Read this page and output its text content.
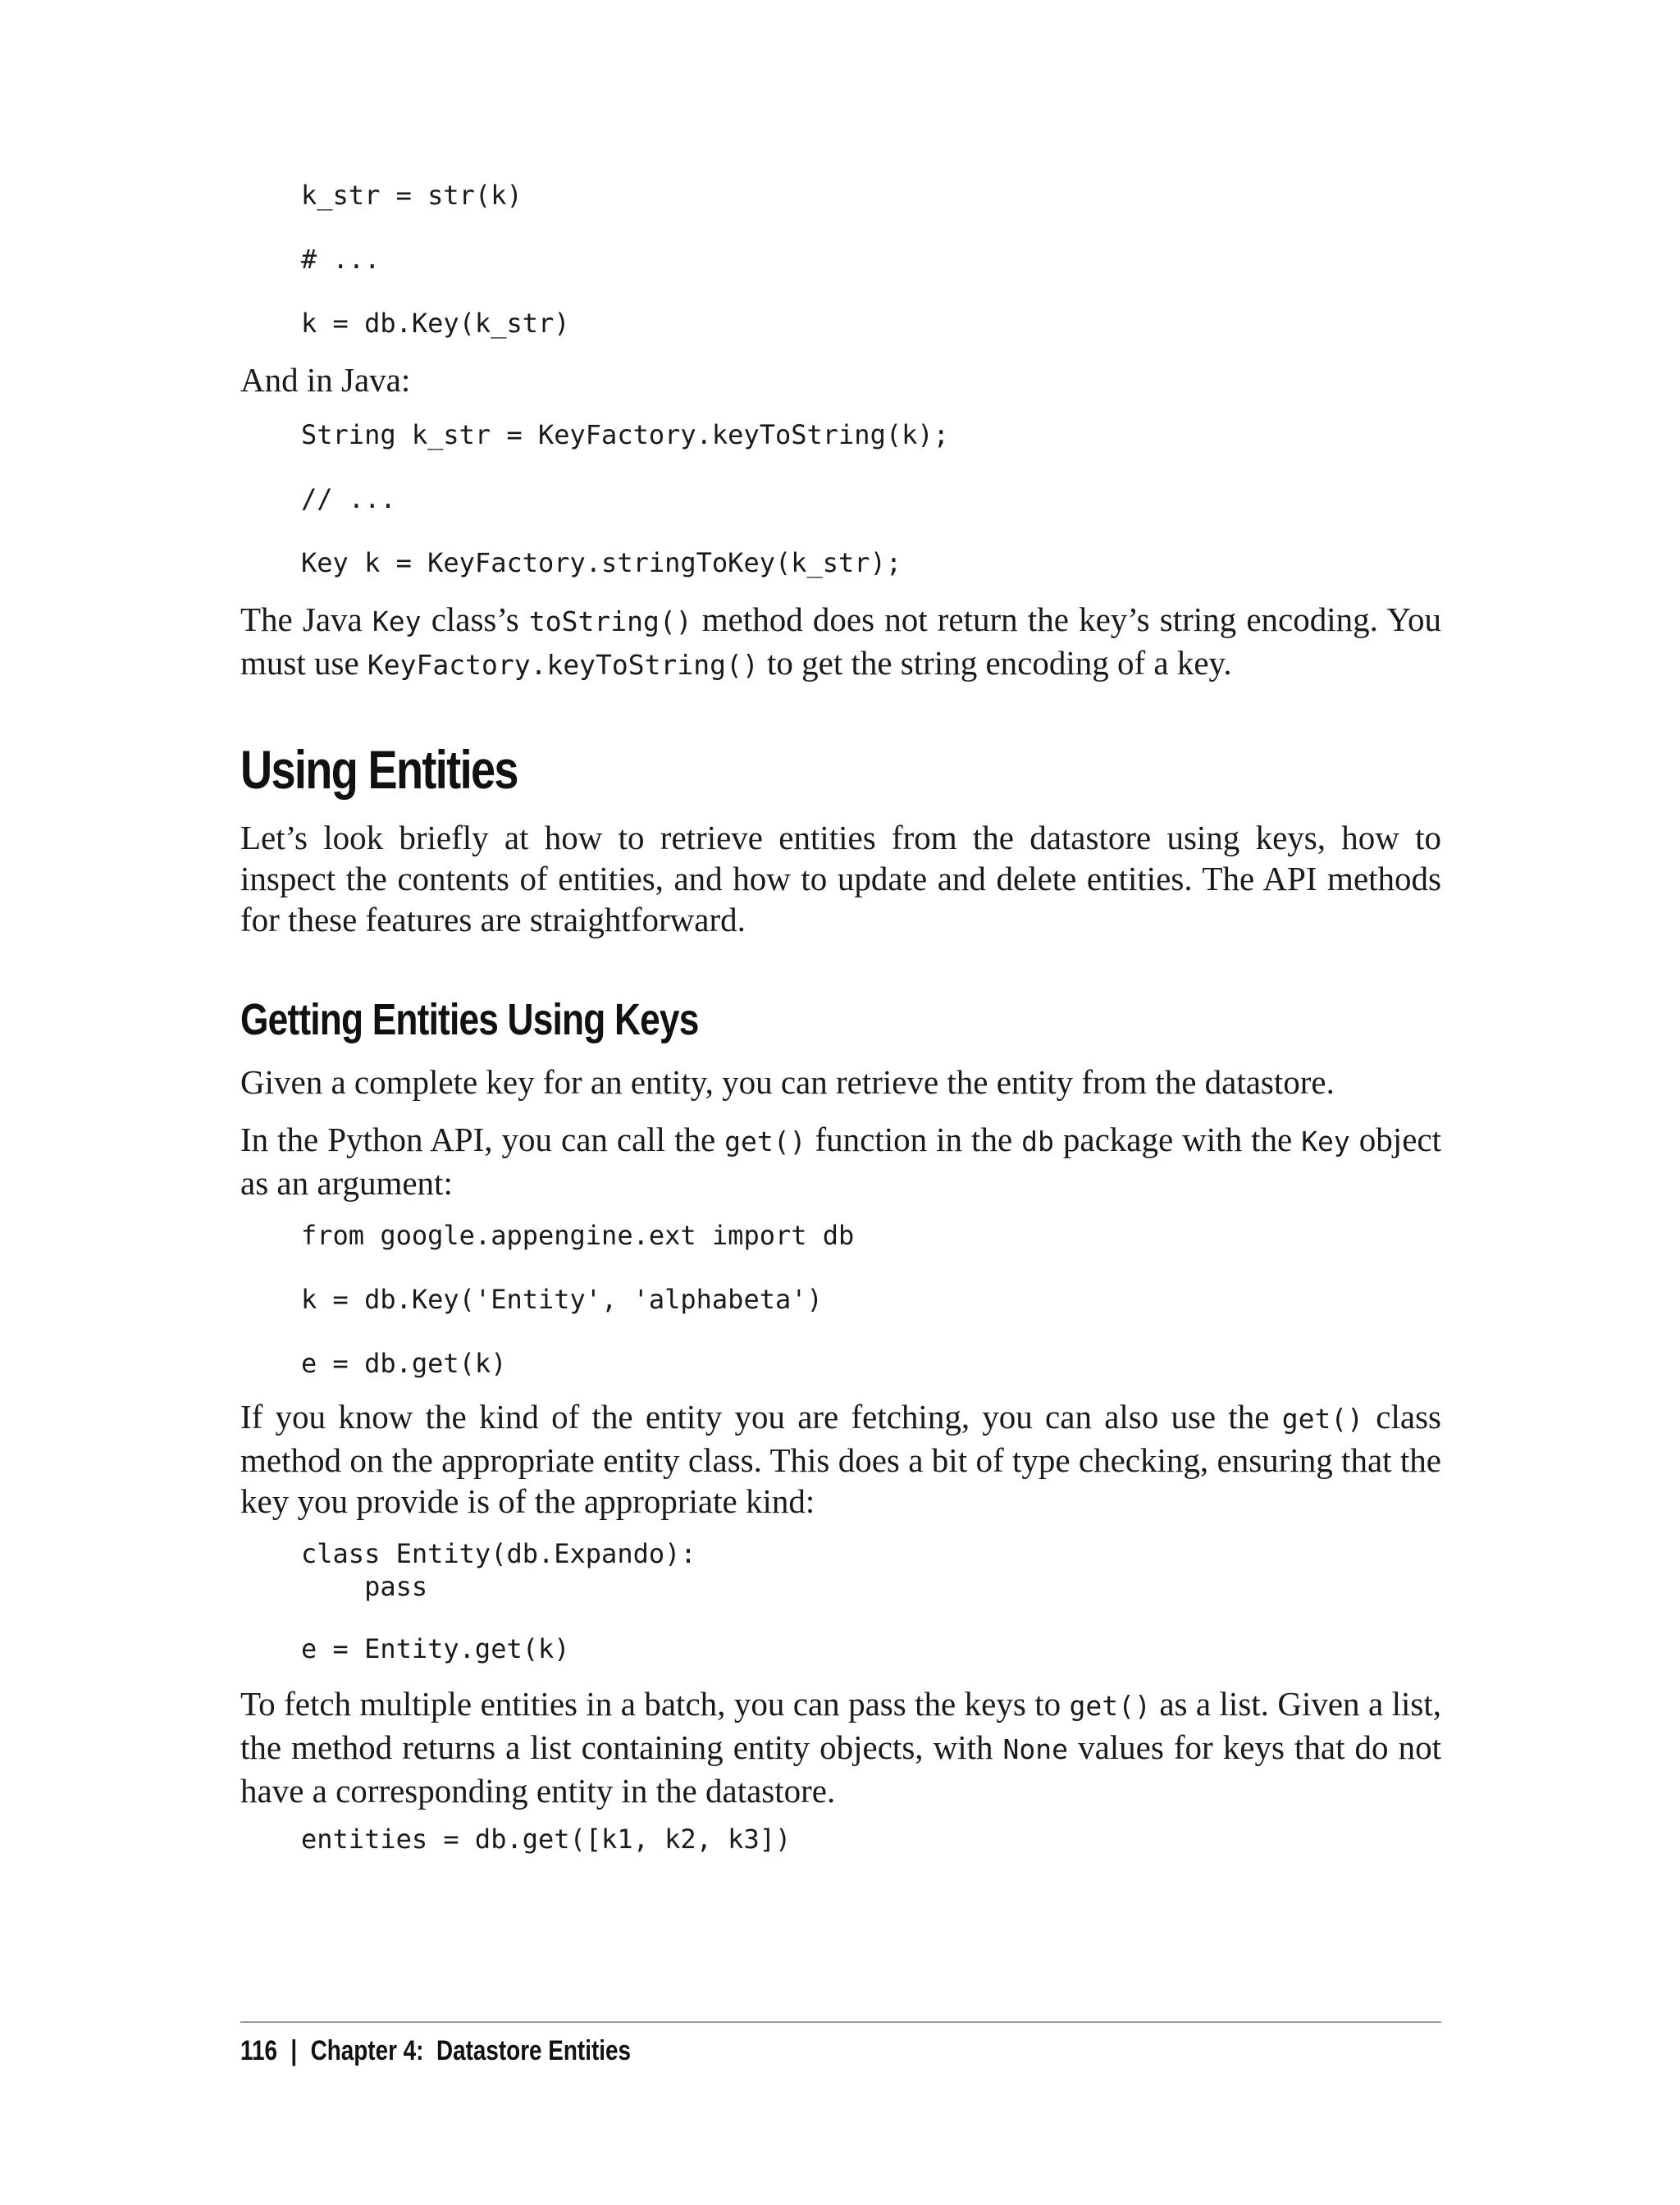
k_str = str(k)
# ...
k = db.Key(k_str)

And in Java:

String k_str = KeyFactory.keyToString(k);
// ...
Key k = KeyFactory.stringToKey(k_str);

The Java Key class’s toString() method does not return the key’s string encoding. You must use KeyFactory.keyToString() to get the string encoding of a key.

Using Entities

Let’s look briefly at how to retrieve entities from the datastore using keys, how to inspect the contents of entities, and how to update and delete entities. The API methods for these features are straightforward.

Getting Entities Using Keys

Given a complete key for an entity, you can retrieve the entity from the datastore.

In the Python API, you can call the get() function in the db package with the Key object as an argument:

from google.appengine.ext import db
k = db.Key('Entity', 'alphabeta')
e = db.get(k)

If you know the kind of the entity you are fetching, you can also use the get() class method on the appropriate entity class. This does a bit of type checking, ensuring that the key you provide is of the appropriate kind:

class Entity(db.Expando):
pass
e = Entity.get(k)

To fetch multiple entities in a batch, you can pass the keys to get() as a list. Given a list, the method returns a list containing entity objects, with None values for keys that do not have a corresponding entity in the datastore.

entities = db.get([k1, k2, k3])
116 | Chapter 4:  Datastore Entities
